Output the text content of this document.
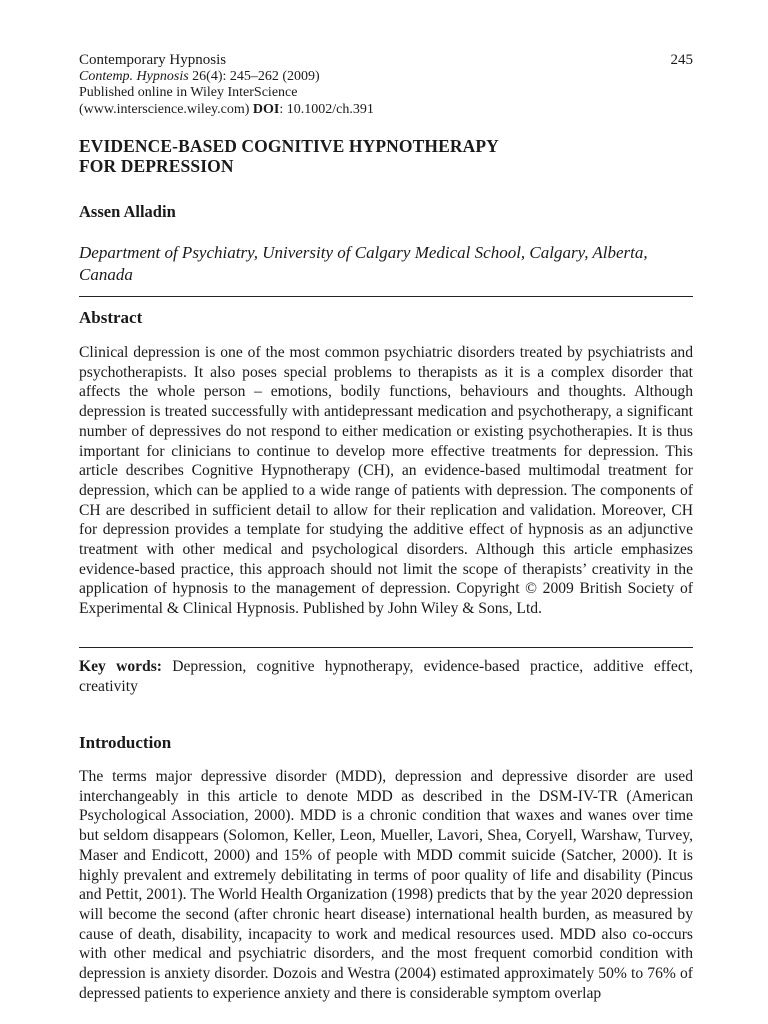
Contemporary Hypnosis	245
Contemp. Hypnosis 26(4): 245–262 (2009)
Published online in Wiley InterScience
(www.interscience.wiley.com) DOI: 10.1002/ch.391
EVIDENCE-BASED COGNITIVE HYPNOTHERAPY
FOR DEPRESSION
Assen Alladin
Department of Psychiatry, University of Calgary Medical School, Calgary, Alberta, Canada
Abstract
Clinical depression is one of the most common psychiatric disorders treated by psychiatrists and psychotherapists. It also poses special problems to therapists as it is a complex disorder that affects the whole person – emotions, bodily functions, behaviours and thoughts. Although depression is treated successfully with antidepressant medication and psychotherapy, a significant number of depressives do not respond to either medication or existing psychotherapies. It is thus important for clinicians to continue to develop more effective treatments for depression. This article describes Cognitive Hypnotherapy (CH), an evidence-based multimodal treatment for depression, which can be applied to a wide range of patients with depression. The components of CH are described in sufficient detail to allow for their replication and validation. Moreover, CH for depression provides a template for studying the additive effect of hypnosis as an adjunctive treatment with other medical and psychological disorders. Although this article emphasizes evidence-based practice, this approach should not limit the scope of therapists’ creativity in the application of hypnosis to the management of depression. Copyright © 2009 British Society of Experimental & Clinical Hypnosis. Published by John Wiley & Sons, Ltd.
Key words: Depression, cognitive hypnotherapy, evidence-based practice, additive effect, creativity
Introduction
The terms major depressive disorder (MDD), depression and depressive disorder are used interchangeably in this article to denote MDD as described in the DSM-IV-TR (American Psychological Association, 2000). MDD is a chronic condition that waxes and wanes over time but seldom disappears (Solomon, Keller, Leon, Mueller, Lavori, Shea, Coryell, Warshaw, Turvey, Maser and Endicott, 2000) and 15% of people with MDD commit suicide (Satcher, 2000). It is highly prevalent and extremely debilitating in terms of poor quality of life and disability (Pincus and Pettit, 2001). The World Health Organization (1998) predicts that by the year 2020 depression will become the second (after chronic heart disease) international health burden, as measured by cause of death, disability, incapacity to work and medical resources used. MDD also co-occurs with other medical and psychiatric disorders, and the most frequent comorbid condition with depression is anxiety disorder. Dozois and Westra (2004) estimated approximately 50% to 76% of depressed patients to experience anxiety and there is considerable symptom overlap
